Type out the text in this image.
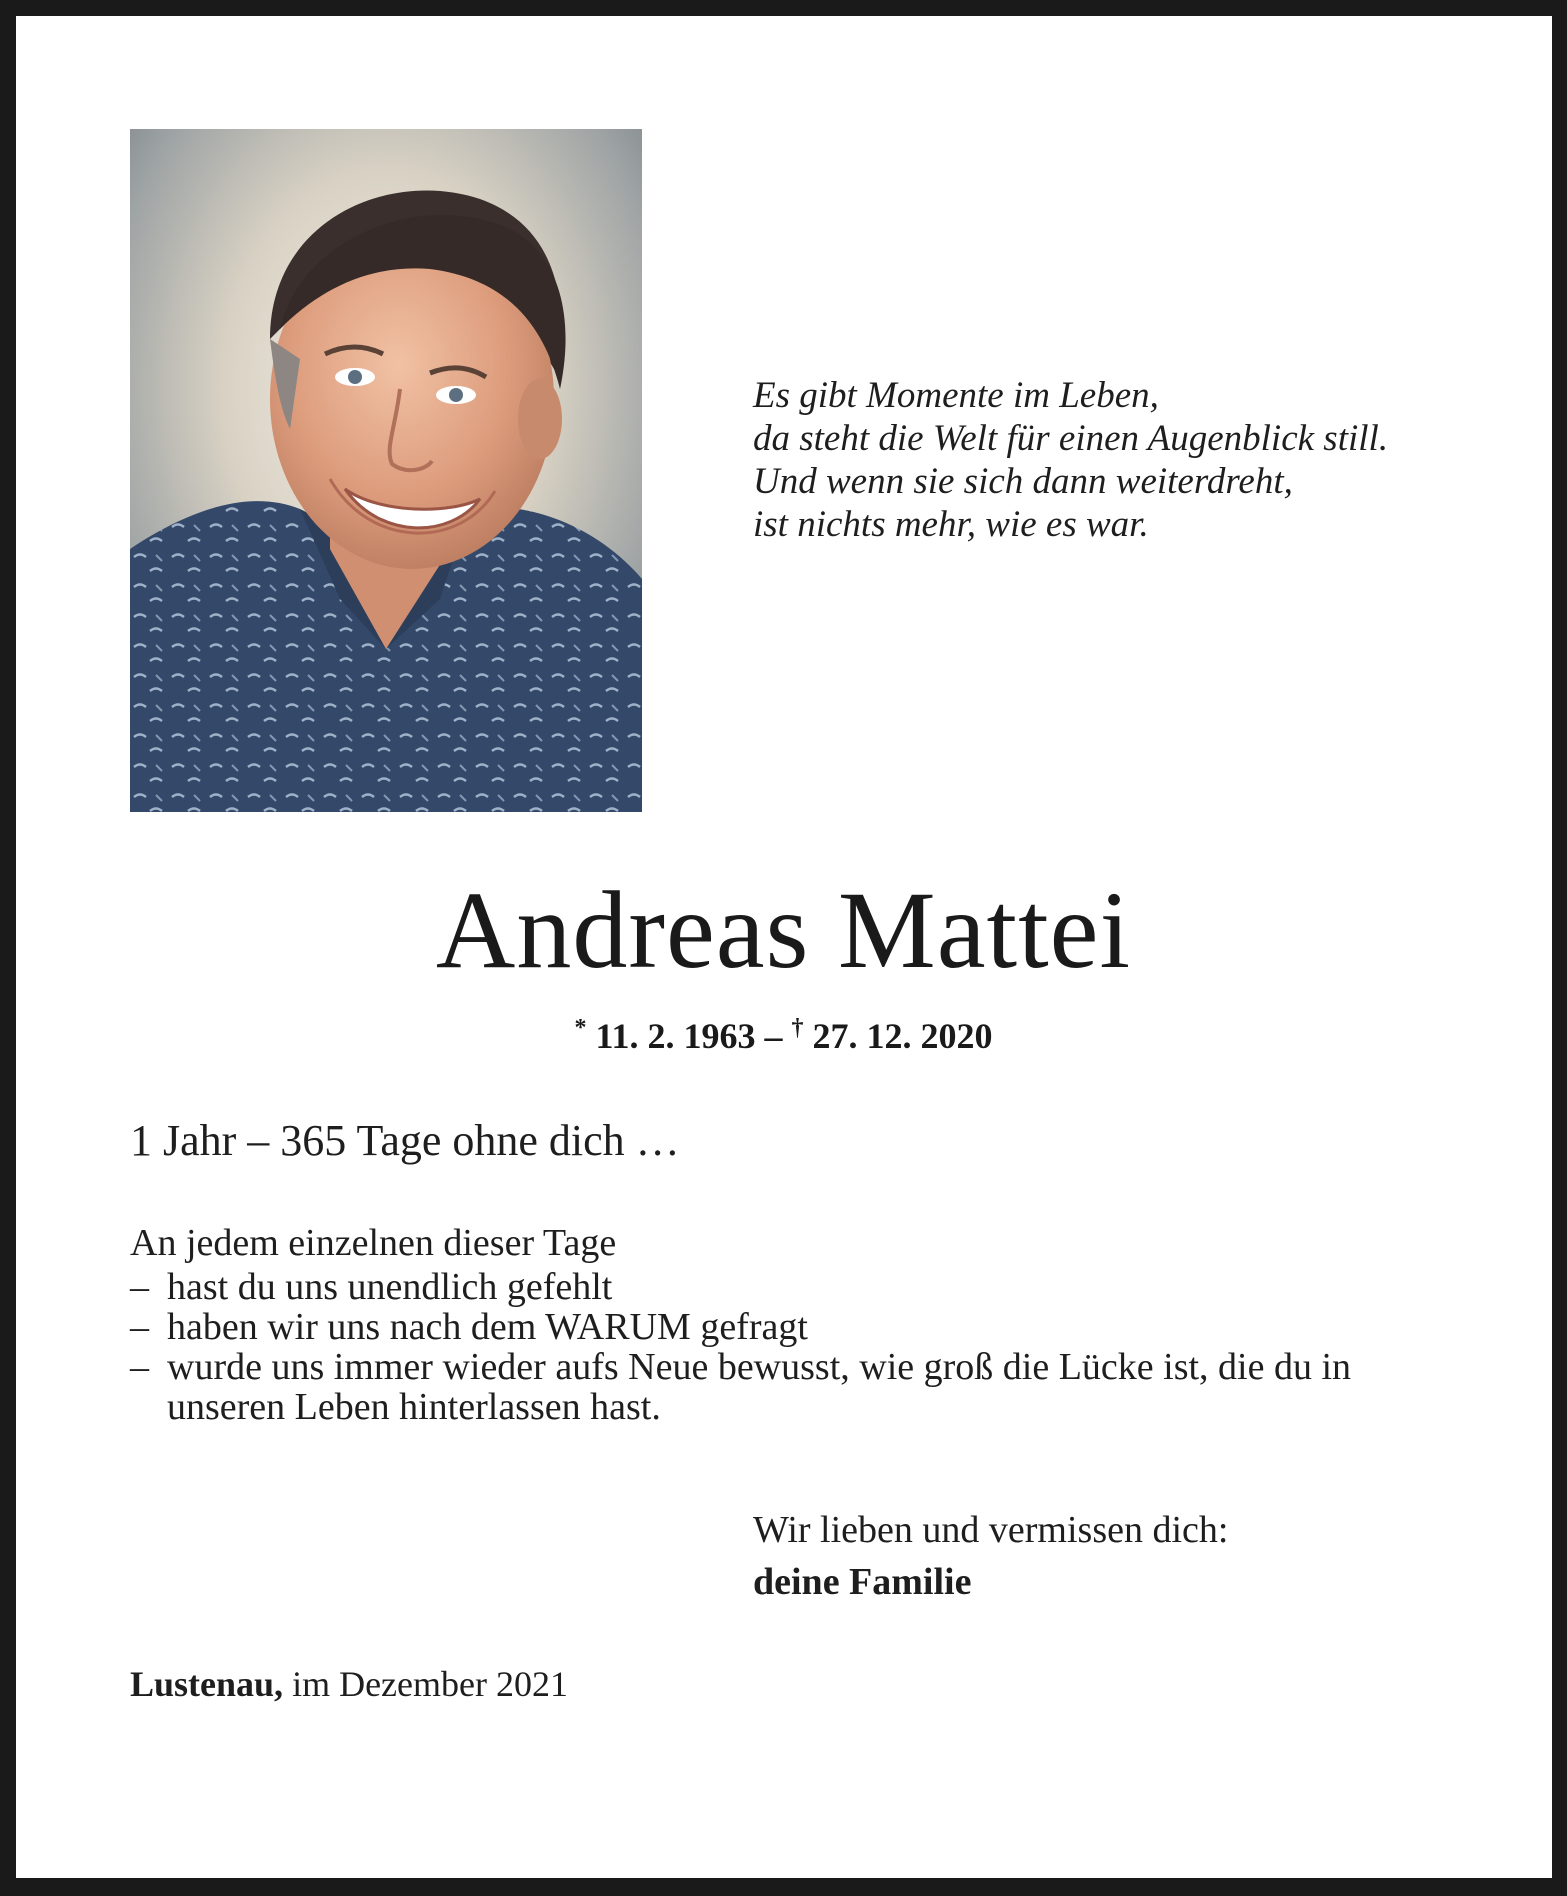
Es gibt Momente im Leben,
da steht die Welt für einen Augenblick still.
Und wenn sie sich dann weiterdreht,
ist nichts mehr, wie es war.
Andreas Mattei
* 11. 2. 1963 – † 27. 12. 2020
1 Jahr – 365 Tage ohne dich …
An jedem einzelnen dieser Tage
– hast du uns unendlich gefehlt
– haben wir uns nach dem WARUM gefragt
– wurde uns immer wieder aufs Neue bewusst, wie groß die Lücke ist, die du in unseren Leben hinterlassen hast.
Wir lieben und vermissen dich:
deine Familie
Lustenau, im Dezember 2021
